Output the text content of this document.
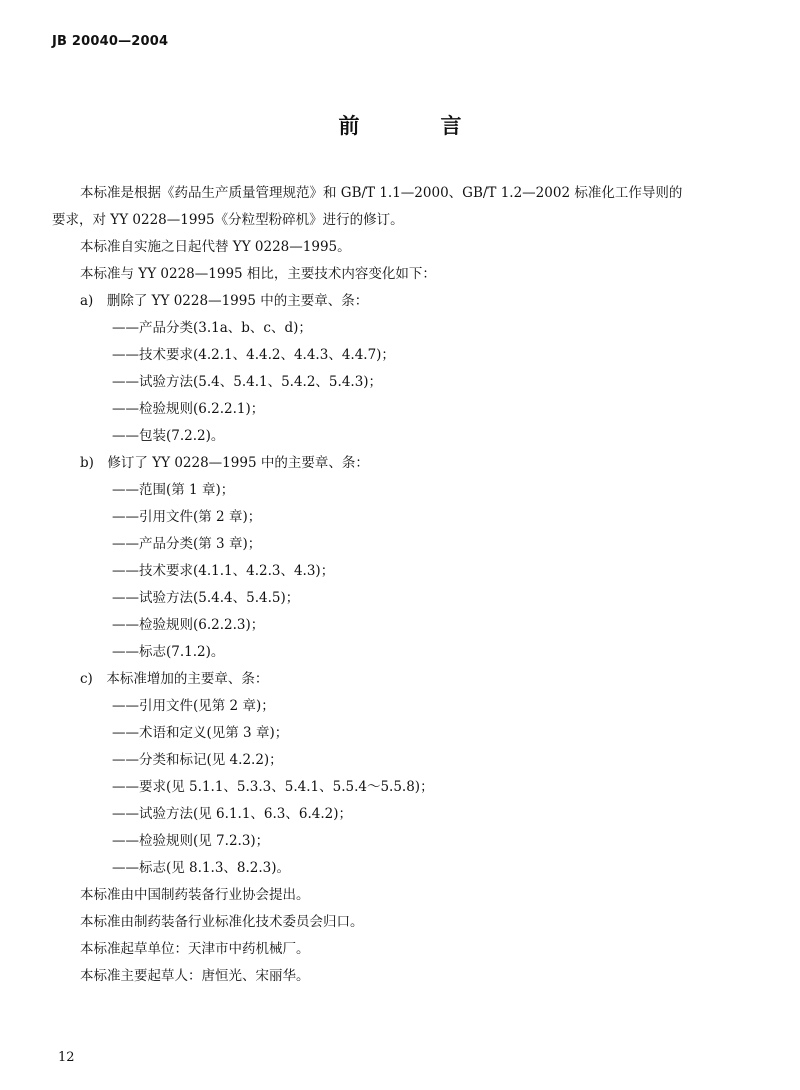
JB 20040—2004
前　言
本标准是根据《药品生产质量管理规范》和 GB/T 1.1—2000、GB/T 1.2—2002 标准化工作导则的
要求，对 YY 0228—1995《分粒型粉碎机》进行的修订。
本标准自实施之日起代替 YY 0228—1995。
本标准与 YY 0228—1995 相比，主要技术内容变化如下：
a)　删除了 YY 0228—1995 中的主要章、条：
——产品分类(3.1a、b、c、d)；
——技术要求(4.2.1、4.4.2、4.4.3、4.4.7)；
——试验方法(5.4、5.4.1、5.4.2、5.4.3)；
——检验规则(6.2.2.1)；
——包装(7.2.2)。
b)　修订了 YY 0228—1995 中的主要章、条：
——范围(第 1 章)；
——引用文件(第 2 章)；
——产品分类(第 3 章)；
——技术要求(4.1.1、4.2.3、4.3)；
——试验方法(5.4.4、5.4.5)；
——检验规则(6.2.2.3)；
——标志(7.1.2)。
c)　本标准增加的主要章、条：
——引用文件(见第 2 章)；
——术语和定义(见第 3 章)；
——分类和标记(见 4.2.2)；
——要求(见 5.1.1、5.3.3、5.4.1、5.5.4～5.5.8)；
——试验方法(见 6.1.1、6.3、6.4.2)；
——检验规则(见 7.2.3)；
——标志(见 8.1.3、8.2.3)。
本标准由中国制药装备行业协会提出。
本标准由制药装备行业标准化技术委员会归口。
本标准起草单位：天津市中药机械厂。
本标准主要起草人：唐恒光、宋丽华。
12
